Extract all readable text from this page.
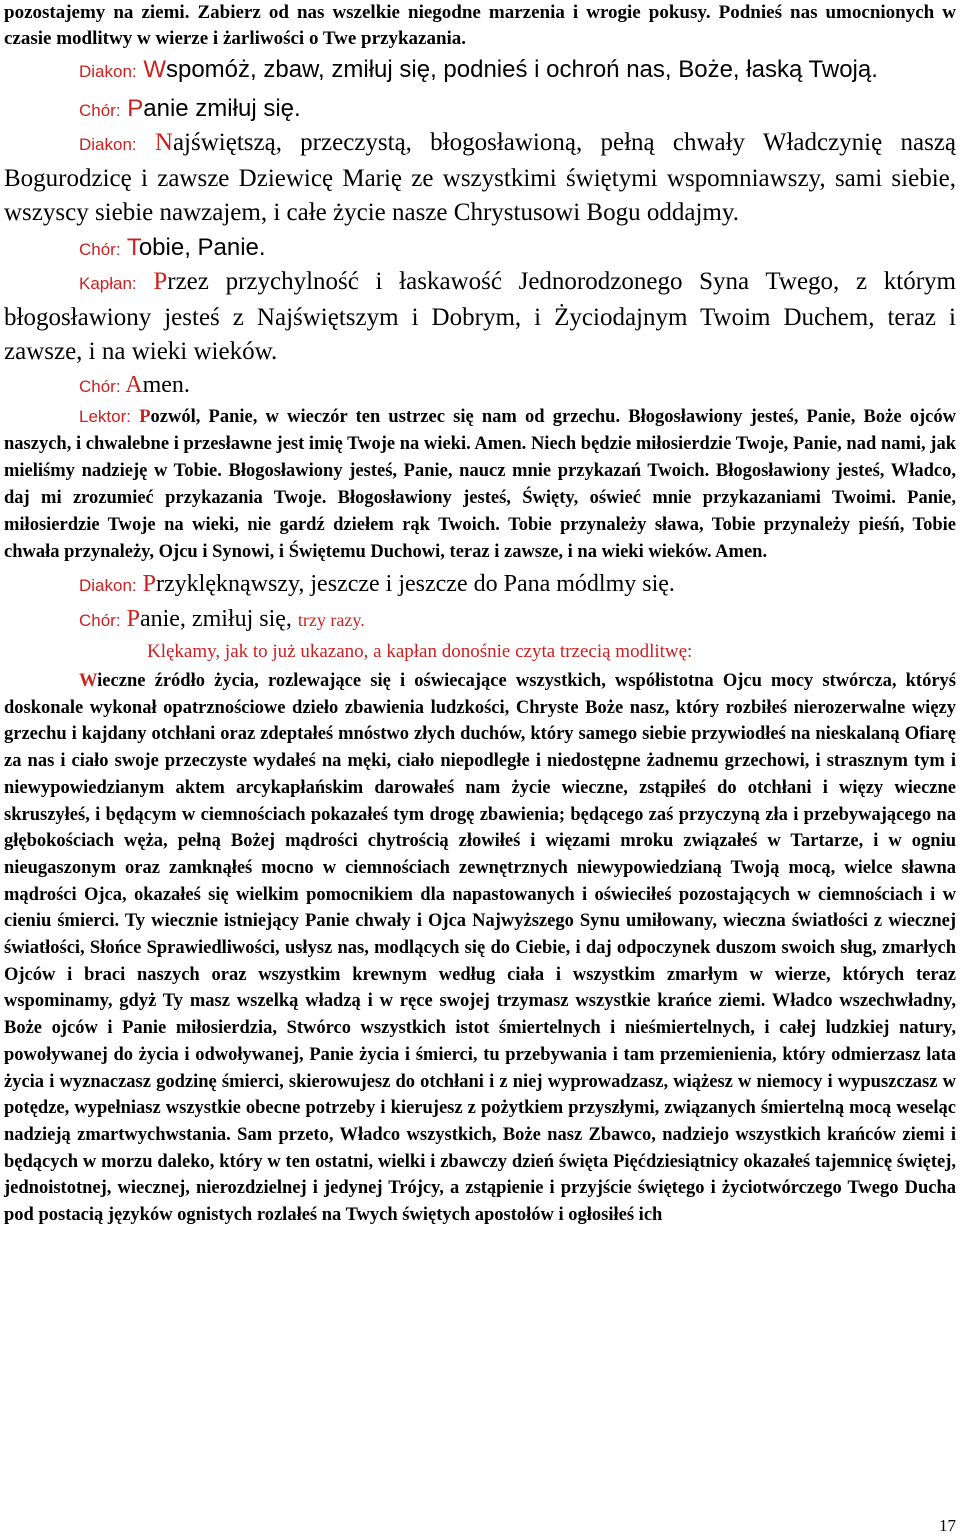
pozostajemy na ziemi. Zabierz od nas wszelkie niegodne marzenia i wrogie pokusy. Podnieś nas umocnionych w czasie modlitwy w wierze i żarliwości o Twe przykazania.

Diakon: Wspomóż, zbaw, zmiłuj się, podnieś i ochroń nas, Boże, łaską Twoją.

Chór: Panie zmiłuj się.

Diakon: Najświętszą, przeczystą, błogosławioną, pełną chwały Władczynię naszą Bogurodzicę i zawsze Dziewicę Marię ze wszystkimi świętymi wspomniawszy, sami siebie, wszyscy siebie nawzajem, i całe życie nasze Chrystusowi Bogu oddajmy.

Chór: Tobie, Panie.

Kapłan: Przez przychylność i łaskawość Jednorodzonego Syna Twego, z którym błogosławiony jesteś z Najświętszym i Dobrym, i Życiodajnym Twoim Duchem, teraz i zawsze, i na wieki wieków.

Chór: Amen.

Lektor: Pozwól, Panie, w wieczór ten ustrzec się nam od grzechu. Błogosławiony jesteś, Panie, Boże ojców naszych, i chwalebne i przesławne jest imię Twoje na wieki. Amen. Niech będzie miłosierdzie Twoje, Panie, nad nami, jak mieliśmy nadzieję w Tobie. Błogosławiony jesteś, Panie, naucz mnie przykazań Twoich. Błogosławiony jesteś, Władco, daj mi zrozumieć przykazania Twoje. Błogosławiony jesteś, Święty, oświeć mnie przykazaniami Twoimi. Panie, miłosierdzie Twoje na wieki, nie gardź dziełem rąk Twoich. Tobie przynależy sława, Tobie przynależy pieśń, Tobie chwała przynależy, Ojcu i Synowi, i Świętemu Duchowi, teraz i zawsze, i na wieki wieków. Amen.

Diakon: Przyklęknąwszy, jeszcze i jeszcze do Pana módlmy się.

Chór: Panie, zmiłuj się, trzy razy.

Klękamy, jak to już ukazano, a kapłan donośnie czyta trzecią modlitwę:

Wieczne źródło życia, rozlewające się i oświecające wszystkich, współistotna Ojcu mocy stwórcza, któryś doskonale wykonał opatrznościowe dzieło zbawienia ludzkości, Chryste Boże nasz, który rozbiłeś nierozerwalne więzy grzechu i kajdany otchłani oraz zdeptałeś mnóstwo złych duchów, który samego siebie przywiodłeś na nieskalaną Ofiarę za nas i ciało swoje przeczyste wydałeś na męki, ciało niepodległe i niedostępne żadnemu grzechowi, i strasznym tym i niewypowiedzianym aktem arcykapłańskim darowałeś nam życie wieczne, zstąpiłeś do otchłani i więzy wieczne skruszyłeś, i będącym w ciemnościach pokazałeś tym drogę zbawienia; będącego zaś przyczyną zła i przebywającego na głębokościach węża, pełną Bożej mądrości chytrością złowiłeś i więzami mroku związałeś w Tartarze, i w ogniu nieugaszonym oraz zamknąłeś mocno w ciemnościach zewnętrznych niewypowiedzianą Twoją mocą, wielce sławna mądrości Ojca, okazałeś się wielkim pomocnikiem dla napastowanych i oświeciłeś pozostających w ciemnościach i w cieniu śmierci. Ty wiecznie istniejący Panie chwały i Ojca Najwyższego Synu umiłowany, wieczna światłości z wiecznej światłości, Słońce Sprawiedliwości, usłysz nas, modlących się do Ciebie, i daj odpoczynek duszom swoich sług, zmarłych Ojców i braci naszych oraz wszystkim krewnym według ciała i wszystkim zmarłym w wierze, których teraz wspominamy, gdyż Ty masz wszelką władzą i w ręce swojej trzymasz wszystkie krańce ziemi. Władco wszechwładny, Boże ojców i Panie miłosierdzia, Stwórco wszystkich istot śmiertelnych i nieśmiertelnych, i całej ludzkiej natury, powoływanej do życia i odwoływanej, Panie życia i śmierci, tu przebywania i tam przemienienia, który odmierzasz lata życia i wyznaczasz godzinę śmierci, skierowujesz do otchłani i z niej wyprowadzasz, wiążesz w niemocy i wypuszczasz w potędze, wypełniasz wszystkie obecne potrzeby i kierujesz z pożytkiem przyszłymi, związanych śmiertelną mocą weseląc nadzieją zmartwychwstania. Sam przeto, Władco wszystkich, Boże nasz Zbawco, nadziejo wszystkich krańców ziemi i będących w morzu daleko, który w ten ostatni, wielki i zbawczy dzień święta Pięćdziesiątnicy okazałeś tajemnicę świętej, jednoistotnej, wiecznej, nierozdzielnej i jedynej Trójcy, a zstąpienie i przyjście świętego i życiotwórczego Twego Ducha pod postacią języków ognistych rozlałeś na Twych świętych apostołów i ogłosiłeś ich

17
